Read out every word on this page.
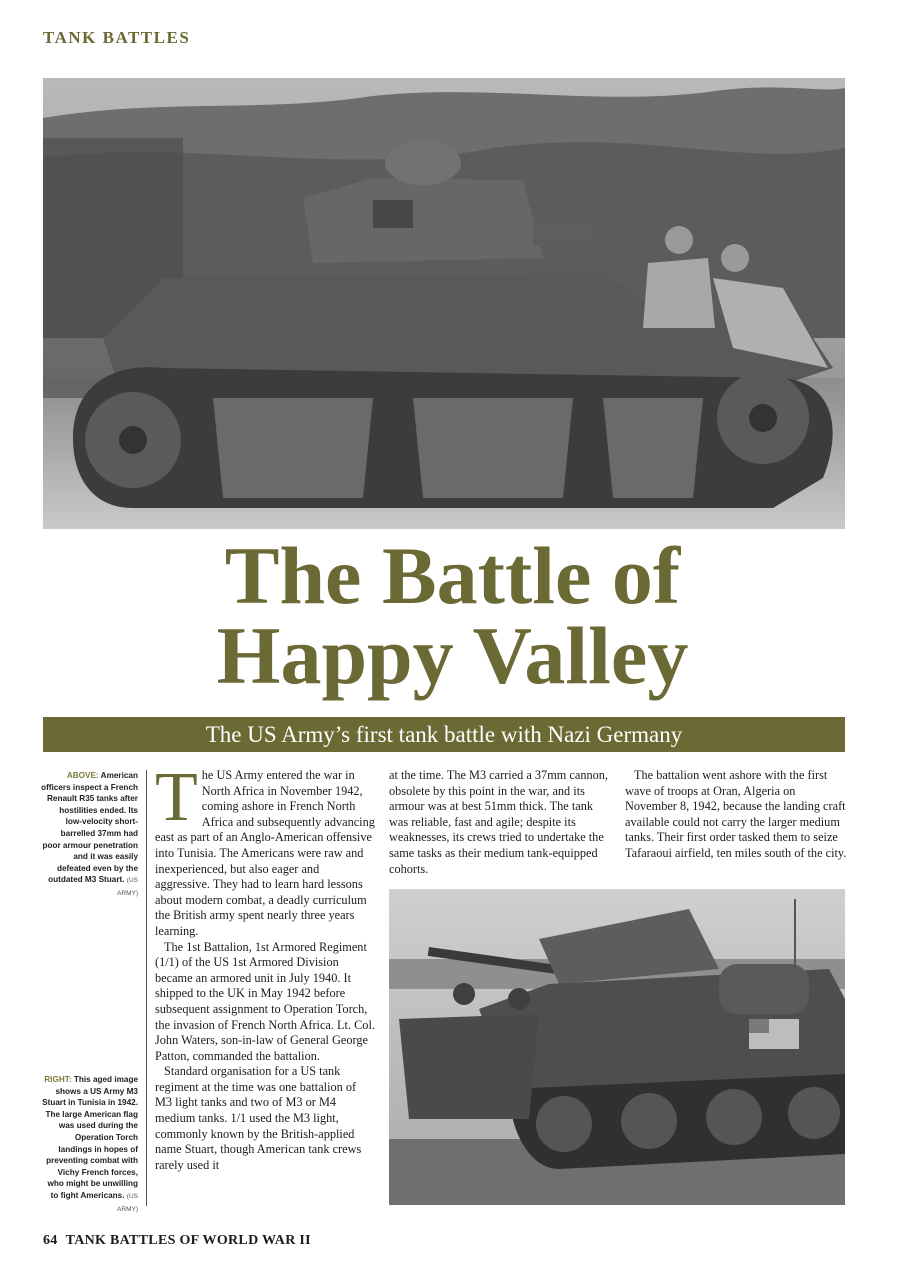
TANK BATTLES
The Battle of
Happy Valley
The US Army’s first tank battle with Nazi Germany
ABOVE: American officers inspect a French Renault R35 tanks after hostilities ended. Its low-velocity short-barrelled 37mm had poor armour penetration and it was easily defeated even by the outdated M3 Stuart. (US ARMY)
RIGHT: This aged image shows a US Army M3 Stuart in Tunisia in 1942. The large American flag was used during the Operation Torch landings in hopes of preventing combat with Vichy French forces, who might be unwilling to fight Americans. (US ARMY)

The US Army entered the war in North Africa in November 1942, coming ashore in French North Africa and subsequently advancing east as part of an Anglo-American offensive into Tunisia. The Americans were raw and inexperienced, but also eager and aggressive. They had to learn hard lessons about modern combat, a deadly curriculum the British army spent nearly three years learning.

The 1st Battalion, 1st Armored Regiment (1/1) of the US 1st Armored Division became an armored unit in July 1940. It shipped to the UK in May 1942 before subsequent assignment to Operation Torch, the invasion of French North Africa. Lt. Col. John Waters, son-in-law of General George Patton, commanded the battalion.

Standard organisation for a US tank regiment at the time was one battalion of M3 light tanks and two of M3 or M4 medium tanks. 1/1 used the M3 light, commonly known by the British-applied name Stuart, though American tank crews rarely used it

at the time. The M3 carried a 37mm cannon, obsolete by this point in the war, and its armour was at best 51mm thick. The tank was reliable, fast and agile; despite its weaknesses, its crews tried to undertake the same tasks as their medium tank-equipped cohorts.

The battalion went ashore with the first wave of troops at Oran, Algeria on November 8, 1942, because the landing craft available could not carry the larger medium tanks. Their first order tasked them to seize Tafaraoui airfield, ten miles south of the city.

64 TANK BATTLES OF WORLD WAR II
